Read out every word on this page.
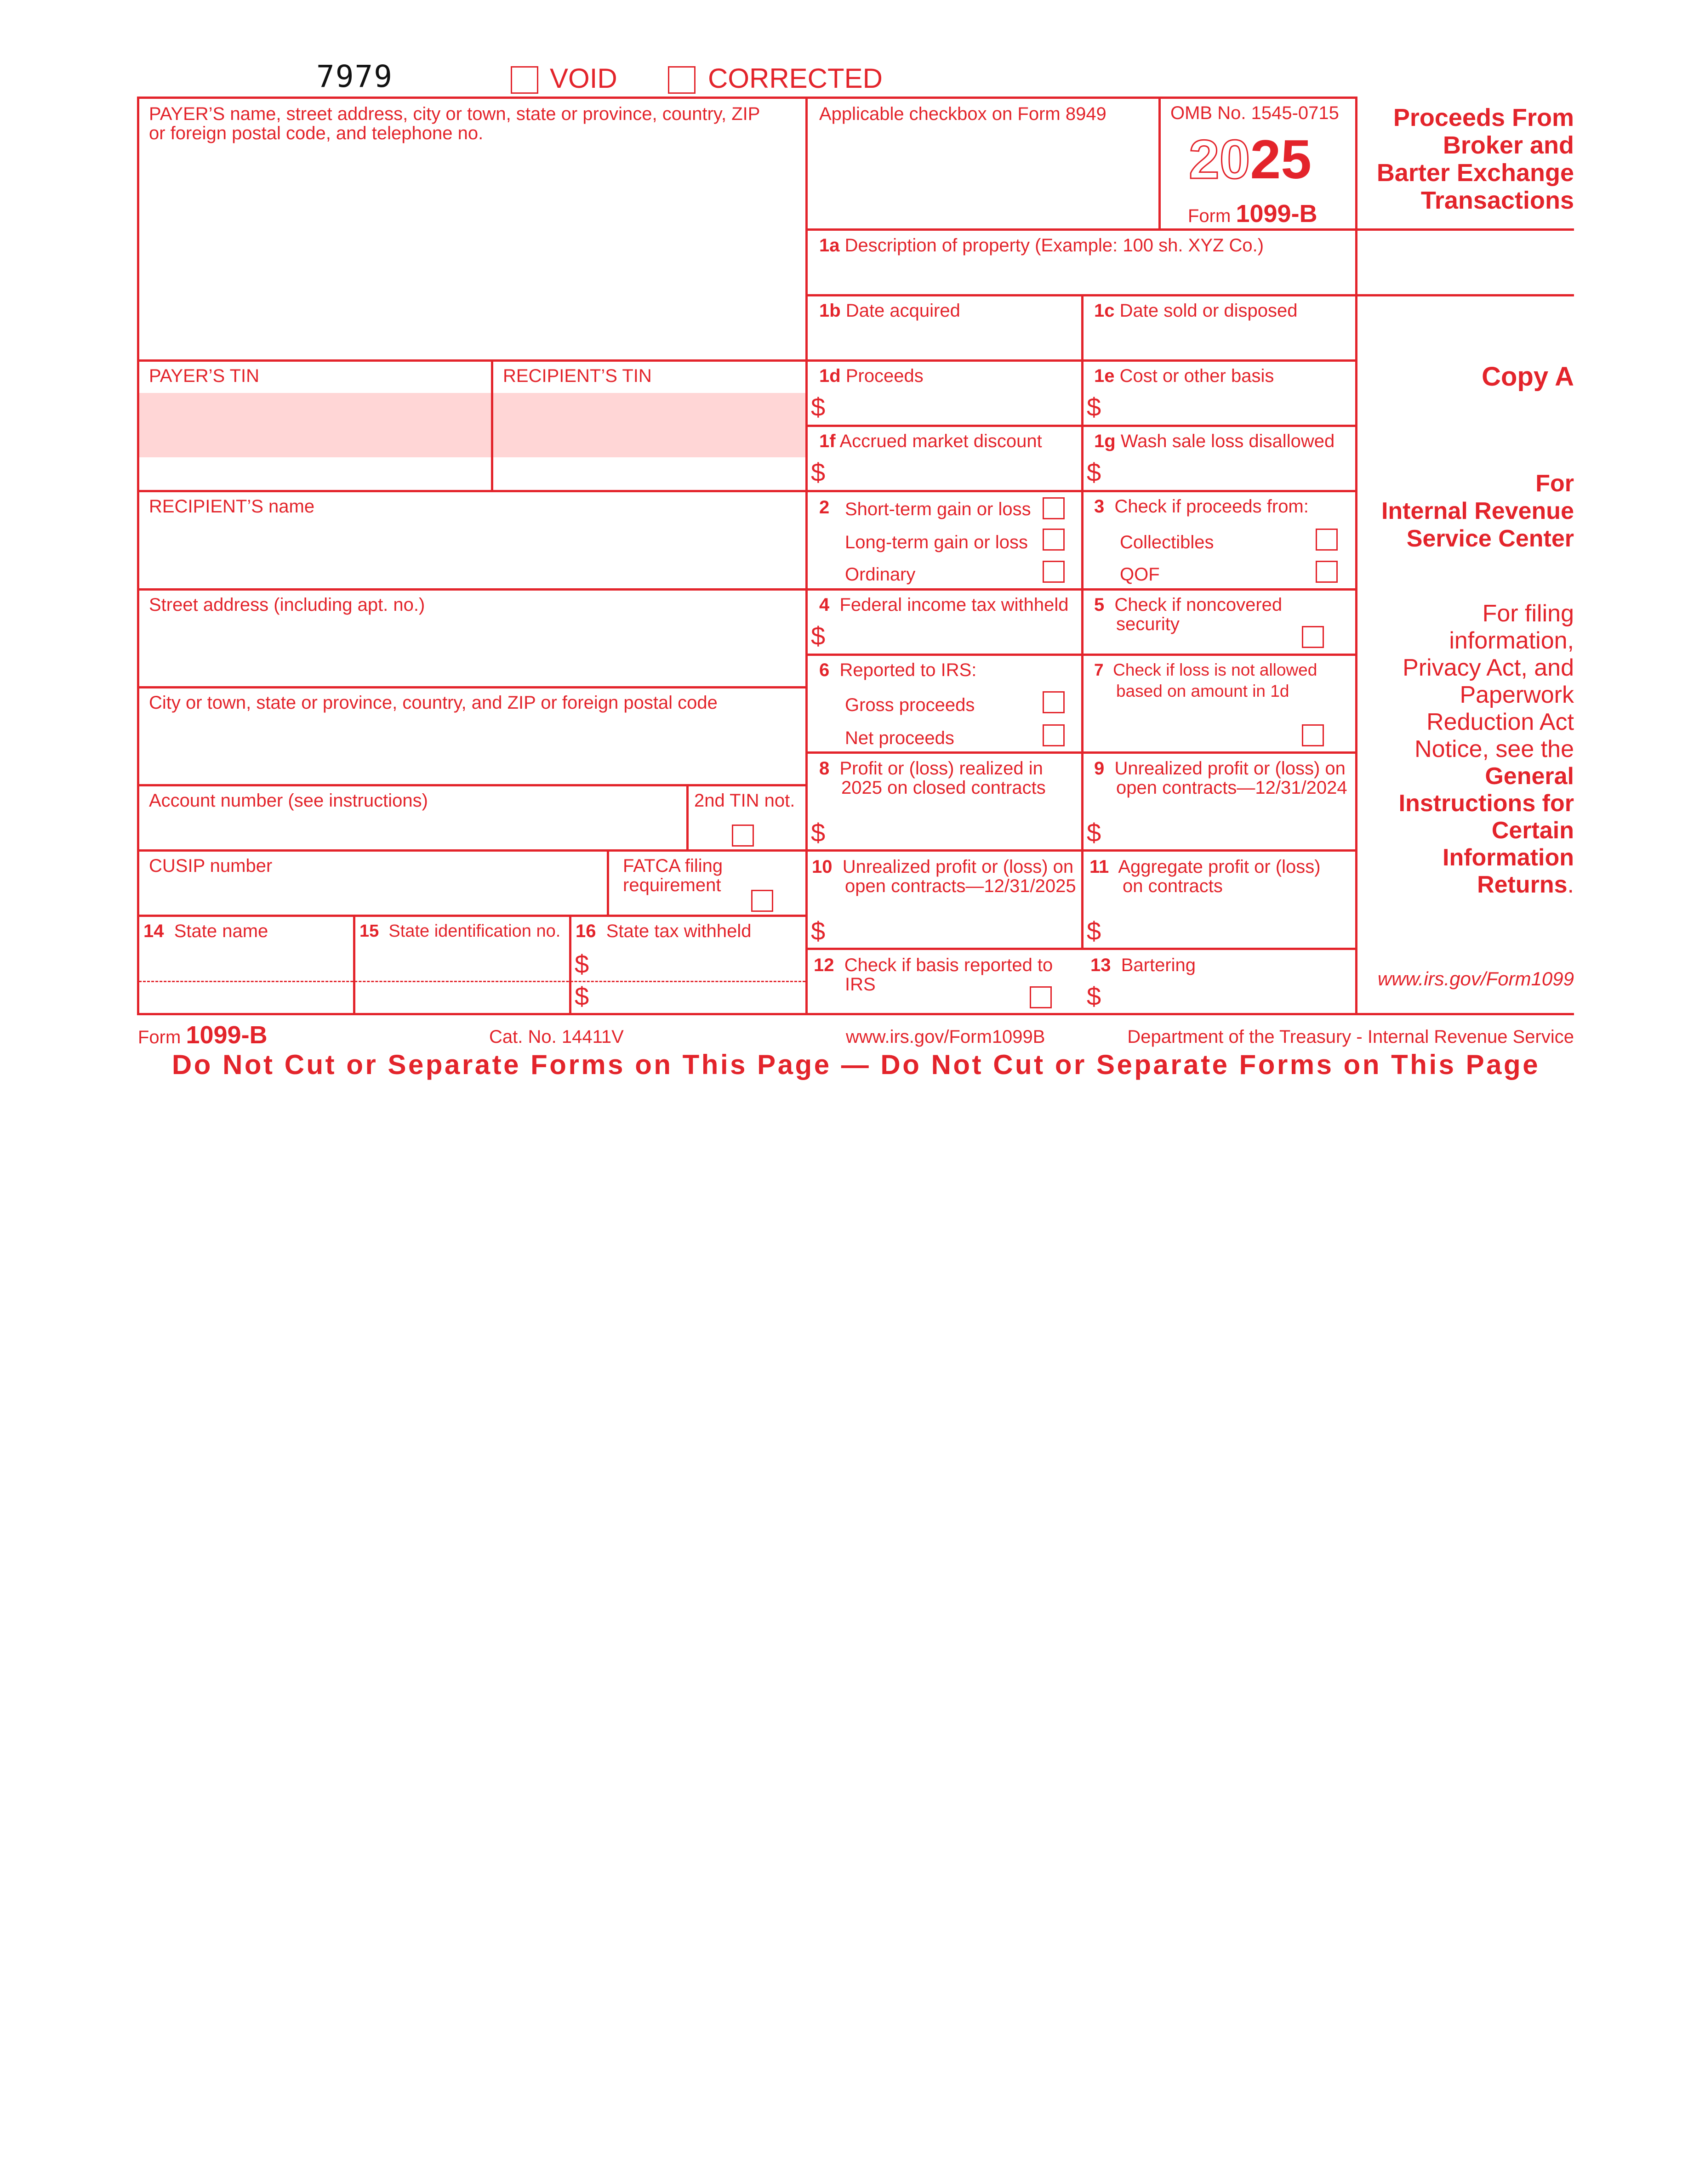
7979	VOID	CORRECTED
PAYER’S name, street address, city or town, state or province, country, ZIP
or foreign postal code, and telephone no.
PAYER’S TIN	RECIPIENT’S TIN
RECIPIENT’S name
Street address (including apt. no.)
City or town, state or province, country, and ZIP or foreign postal code
Account number (see instructions)	2nd TIN not.
CUSIP number	FATCA filing
requirement
14 State name	15 State identification no. 16 State tax withheld
$
$
Applicable checkbox on Form 8949	OMB No. 1545-0715
2025
Form 1099-B
Proceeds From
Broker and
Barter Exchange
Transactions
1a Description of property (Example: 100 sh. XYZ Co.)
1b Date acquired	1c Date sold or disposed
1d Proceeds
$
1e Cost or other basis
$
1f Accrued market discount
$
1g Wash sale loss disallowed
$
2 Short-term gain or loss
Long-term gain or loss
Ordinary
3 Check if proceeds from:
Collectibles
QOF
4 Federal income tax withheld
$
5 Check if noncovered
security
6 Reported to IRS:
Gross proceeds
Net proceeds
7 Check if loss is not allowed
based on amount in 1d
8 Profit or (loss) realized in
2025 on closed contracts
$
9 Unrealized profit or (loss) on
open contracts—12/31/2024
$
10 Unrealized profit or (loss) on
open contracts—12/31/2025
$
11 Aggregate profit or (loss)
on contracts
$
12 Check if basis reported to
IRS
13 Bartering
$
Copy A
For
Internal Revenue
Service Center
For filing
information,
Privacy Act, and
Paperwork
Reduction Act
Notice, see the
General
Instructions for
Certain
Information
Returns.
www.irs.gov/Form1099
Form 1099-B	Cat. No. 14411V	www.irs.gov/Form1099B	Department of the Treasury - Internal Revenue Service
Do Not Cut or Separate Forms on This Page — Do Not Cut or Separate Forms on This Page
